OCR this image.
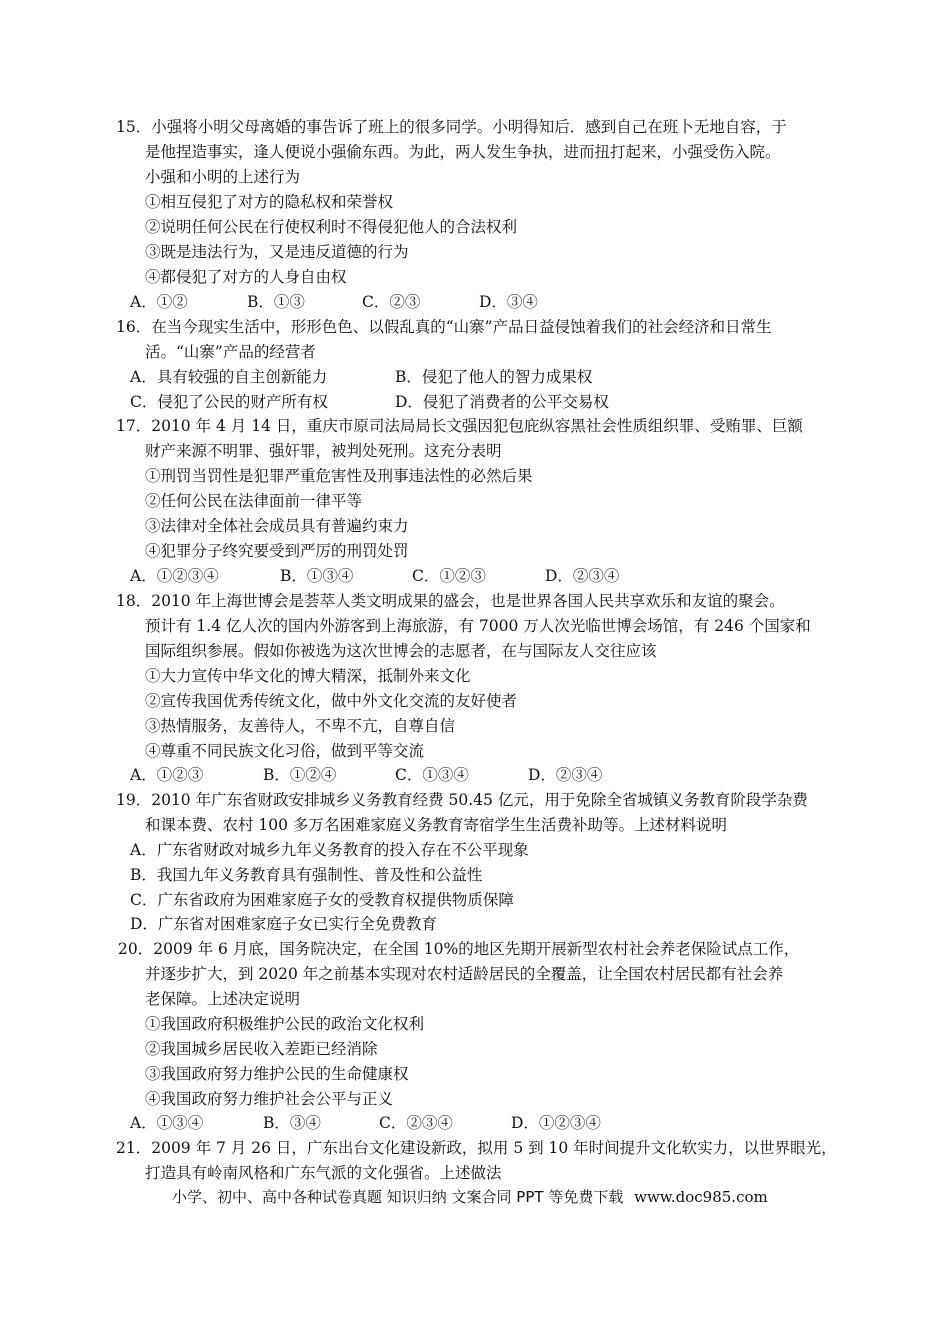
15．小强将小明父母离婚的事告诉了班上的很多同学。小明得知后．感到自己在班卜无地自容，于
是他捏造事实，逢人便说小强偷东西。为此，两人发生争执，进而扭打起来，小强受伤入院。
小强和小明的上述行为
①相互侵犯了对方的隐私权和荣誉权
②说明任何公民在行使权利时不得侵犯他人的合法权利
③既是违法行为，又是违反道德的行为
④都侵犯了对方的人身自由权
A．①②	B．①③	C．②③	D．③④
16．在当今现实生活中，形形色色、以假乱真的“山寨”产品日益侵蚀着我们的社会经济和日常生
活。“山寨”产品的经营者
A．具有较强的自主创新能力	B．侵犯了他人的智力成果权
C．侵犯了公民的财产所有权	D．侵犯了消费者的公平交易权
17．2010 年 4 月 14 日，重庆市原司法局局长文强因犯包庇纵容黑社会性质组织罪、受贿罪、巨额
财产来源不明罪、强奸罪，被判处死刑。这充分表明
①刑罚当罚性是犯罪严重危害性及刑事违法性的必然后果
②任何公民在法律面前一律平等
③法律对全体社会成员具有普遍约束力
④犯罪分子终究要受到严厉的刑罚处罚
A．①②③④	B．①③④	C．①②③	D．②③④
18．2010 年上海世博会是荟萃人类文明成果的盛会，也是世界各国人民共享欢乐和友谊的聚会。
预计有 1.4 亿人次的国内外游客到上海旅游，有 7000 万人次光临世博会场馆，有 246 个国家和
国际组织参展。假如你被选为这次世博会的志愿者，在与国际友人交往应该
①大力宣传中华文化的博大精深，抵制外来文化
②宣传我国优秀传统文化，做中外文化交流的友好使者
③热情服务，友善待人，不卑不亢，自尊自信
④尊重不同民族文化习俗，做到平等交流
A．①②③	B．①②④	C．①③④	D．②③④
19．2010 年广东省财政安排城乡义务教育经费 50.45 亿元，用于免除全省城镇义务教育阶段学杂费
和课本费、农村 100 多万名困难家庭义务教育寄宿学生生活费补助等。上述材料说明
A．广东省财政对城乡九年义务教育的投入存在不公平现象
B．我国九年义务教育具有强制性、普及性和公益性
C．广东省政府为困难家庭子女的受教育权提供物质保障
D．广东省对困难家庭子女已实行全免费教育
20．2009 年 6 月底，国务院决定，在全国 10%的地区先期开展新型农村社会养老保险试点工作，
并逐步扩大，到 2020 年之前基本实现对农村适龄居民的全覆盖，让全国农村居民都有社会养
老保障。上述决定说明
①我国政府积极维护公民的政治文化权利
②我国城乡居民收入差距已经消除
③我国政府努力维护公民的生命健康权
④我国政府努力维护社会公平与正义
A．①③④	B．③④	C．②③④	D．①②③④
21．2009 年 7 月 26 日，广东出台文化建设新政，拟用 5 到 10 年时间提升文化软实力，以世界眼光，
打造具有岭南风格和广东气派的文化强省。上述做法
小学、初中、高中各种试卷真题 知识归纳 文案合同 PPT 等免费下载 www.doc985.com
